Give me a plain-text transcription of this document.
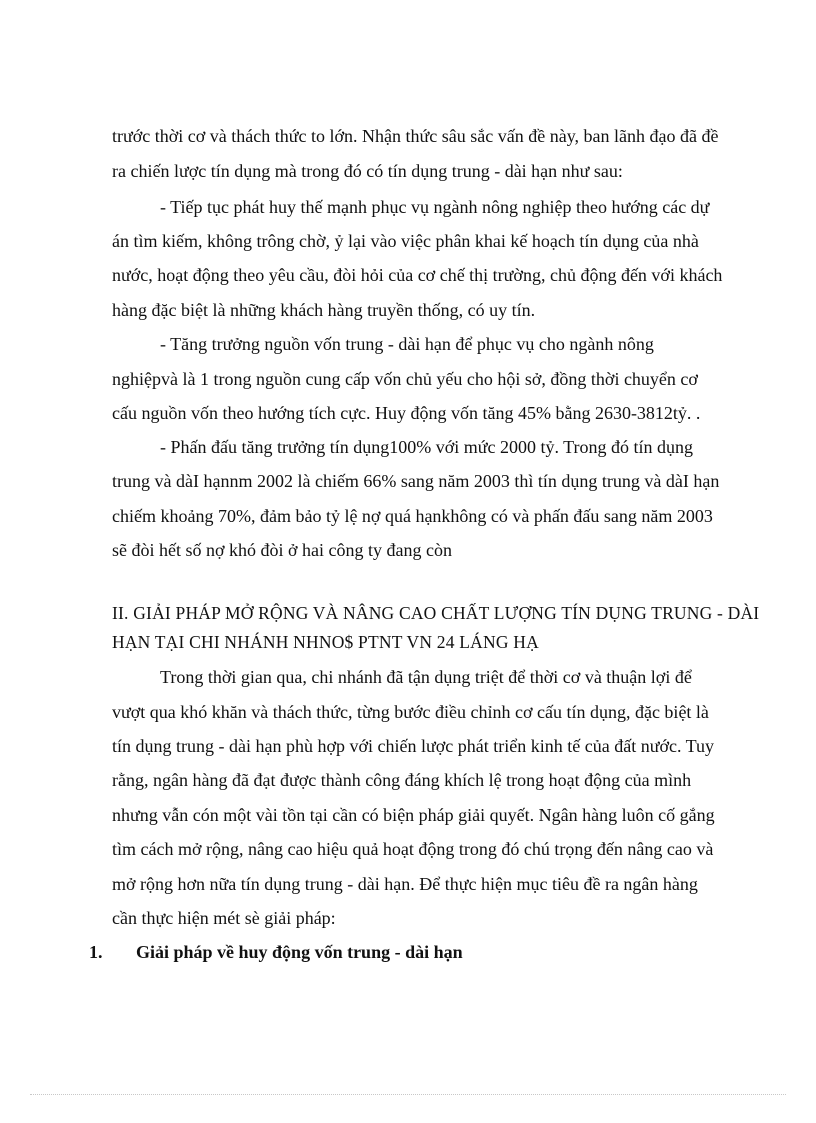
trước thời cơ và thách thức to lớn. Nhận thức sâu sắc vấn đề này, ban lãnh đạo đã đề
ra chiến lược tín dụng mà trong đó có tín dụng trung - dài hạn như sau:
- Tiếp tục phát huy thế mạnh phục vụ ngành nông nghiệp theo hướng các dự
án tìm kiếm, không trông chờ, ỷ lại vào việc phân khai kế hoạch tín dụng của nhà
nước, hoạt động theo yêu cầu, đòi hỏi của cơ chế thị trường, chủ động đến với khách
hàng đặc biệt là những khách hàng truyền thống, có uy tín.
- Tăng trưởng nguồn vốn trung - dài hạn để phục vụ cho ngành nông
nghiệpvà là 1 trong nguồn cung cấp vốn chủ yếu cho hội sở, đồng thời chuyển cơ
cấu nguồn vốn theo hướng tích cực. Huy động vốn tăng 45% bằng 2630-3812tỷ. .
- Phấn đấu tăng trưởng tín dụng100% với mức 2000 tỷ. Trong đó tín dụng
trung và dàI hạnnm 2002 là chiếm 66% sang năm 2003 thì tín dụng trung và dàI hạn
chiếm khoảng 70%, đảm bảo tỷ lệ nợ quá hạnkhông có và phấn đấu sang năm 2003
sẽ đòi hết số nợ khó đòi ở hai công ty đang còn
II. GIẢI PHÁP MỞ RỘNG VÀ NÂNG CAO CHẤT LƯỢNG TÍN DỤNG TRUNG - DÀI
HẠN TẠI CHI NHÁNH NHNO$ PTNT VN 24 LÁNG HẠ
Trong thời gian qua, chi nhánh đã tận dụng triệt để thời cơ và thuận lợi để
vượt qua khó khăn và thách thức, từng bước điều chỉnh cơ cấu tín dụng, đặc biệt là
tín dụng trung - dài hạn phù hợp với chiến lược phát triển kinh tế của đất nước. Tuy
rằng, ngân hàng đã đạt được thành công đáng khích lệ trong hoạt động của mình
nhưng vẫn cón một vài tồn tại cần có biện pháp giải quyết. Ngân hàng luôn cố gắng
tìm cách mở rộng, nâng cao hiệu quả hoạt động trong đó chú trọng đến nâng cao và
mở rộng hơn nữa tín dụng trung - dài hạn. Để thực hiện mục tiêu đề ra ngân hàng
cần thực hiện mét sè giải pháp:
1. Giải pháp về huy động vốn trung - dài hạn
